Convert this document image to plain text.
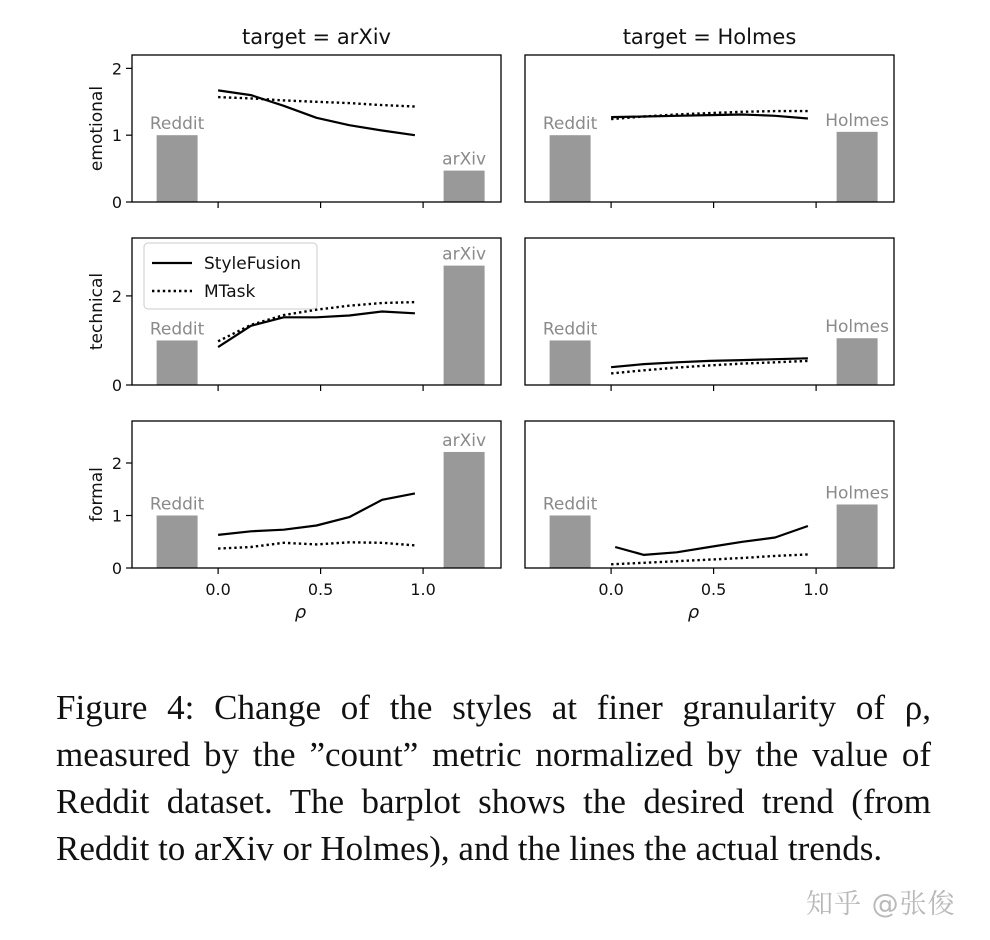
target = arXiv	target = Holmes
emotional
technical
formal
Reddit
arXiv
0
1
2
Reddit	Holmes
Reddit
arXiv
0
2
StyleFusion
MTask
Reddit	Holmes
Reddit
arXiv
0
1
2
0.0	0.5	1.0
ρ
Reddit
Holmes
0.0	0.5	1.0
ρ
Figure 4: Change of the styles at finer granularity of ρ, measured by the ”count” metric normalized by the value of Reddit dataset. The barplot shows the desired trend (from Reddit to arXiv or Holmes), and the lines the actual trends.
知乎 @张俊
